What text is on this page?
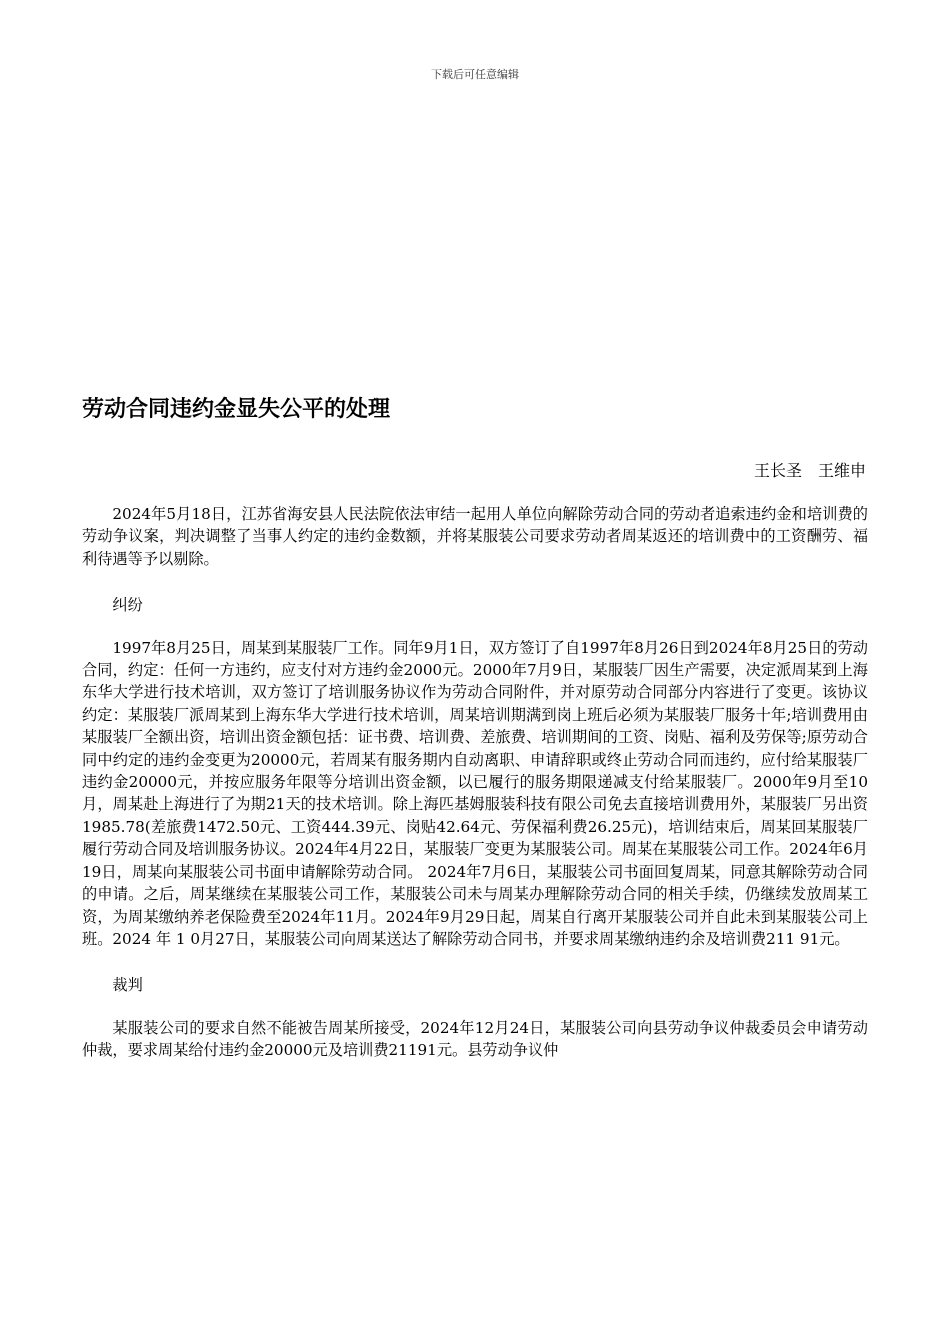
下载后可任意编辑
劳动合同违约金显失公平的处理
王长圣　王维申

2024年5月18日，江苏省海安县人民法院依法审结一起用人单位向解除劳动合同的劳动者追索违约金和培训费的劳动争议案，判决调整了当事人约定的违约金数额，并将某服装公司要求劳动者周某返还的培训费中的工资酬劳、福利待遇等予以剔除。

纠纷

1997年8月25日，周某到某服装厂工作。同年9月1日，双方签订了自1997年8月26日到2024年8月25日的劳动合同，约定：任何一方违约，应支付对方违约金2000元。2000年7月9日，某服装厂因生产需要，决定派周某到上海东华大学进行技术培训，双方签订了培训服务协议作为劳动合同附件，并对原劳动合同部分内容进行了变更。该协议约定：某服装厂派周某到上海东华大学进行技术培训，周某培训期满到岗上班后必须为某服装厂服务十年;培训费用由某服装厂全额出资，培训出资金额包括：证书费、培训费、差旅费、培训期间的工资、岗贴、福利及劳保等;原劳动合同中约定的违约金变更为20000元，若周某有服务期内自动离职、申请辞职或终止劳动合同而违约，应付给某服装厂违约金20000元，并按应服务年限等分培训出资金额，以已履行的服务期限递减支付给某服装厂。2000年9月至10月，周某赴上海进行了为期21天的技术培训。除上海匹基姆服装科技有限公司免去直接培训费用外，某服装厂另出资 1985.78(差旅费1472.50元、工资444.39元、岗贴42.64元、劳保福利费26.25元)，培训结束后，周某回某服装厂履行劳动合同及培训服务协议。2024年4月22日，某服装厂变更为某服装公司。周某在某服装公司工作。2024年6月19日，周某向某服装公司书面申请解除劳动合同。 2024年7月6日，某服装公司书面回复周某，同意其解除劳动合同的申请。之后，周某继续在某服装公司工作，某服装公司未与周某办理解除劳动合同的相关手续，仍继续发放周某工资，为周某缴纳养老保险费至2024年11月。2024年9月29日起，周某自行离开某服装公司并自此未到某服装公司上班。2024 年 1 0月27日，某服装公司向周某送达了解除劳动合同书，并要求周某缴纳违约余及培训费211 91元。

裁判

某服装公司的要求自然不能被告周某所接受，2024年12月24日，某服装公司向县劳动争议仲裁委员会申请劳动仲裁，要求周某给付违约金20000元及培训费21191元。县劳动争议仲
